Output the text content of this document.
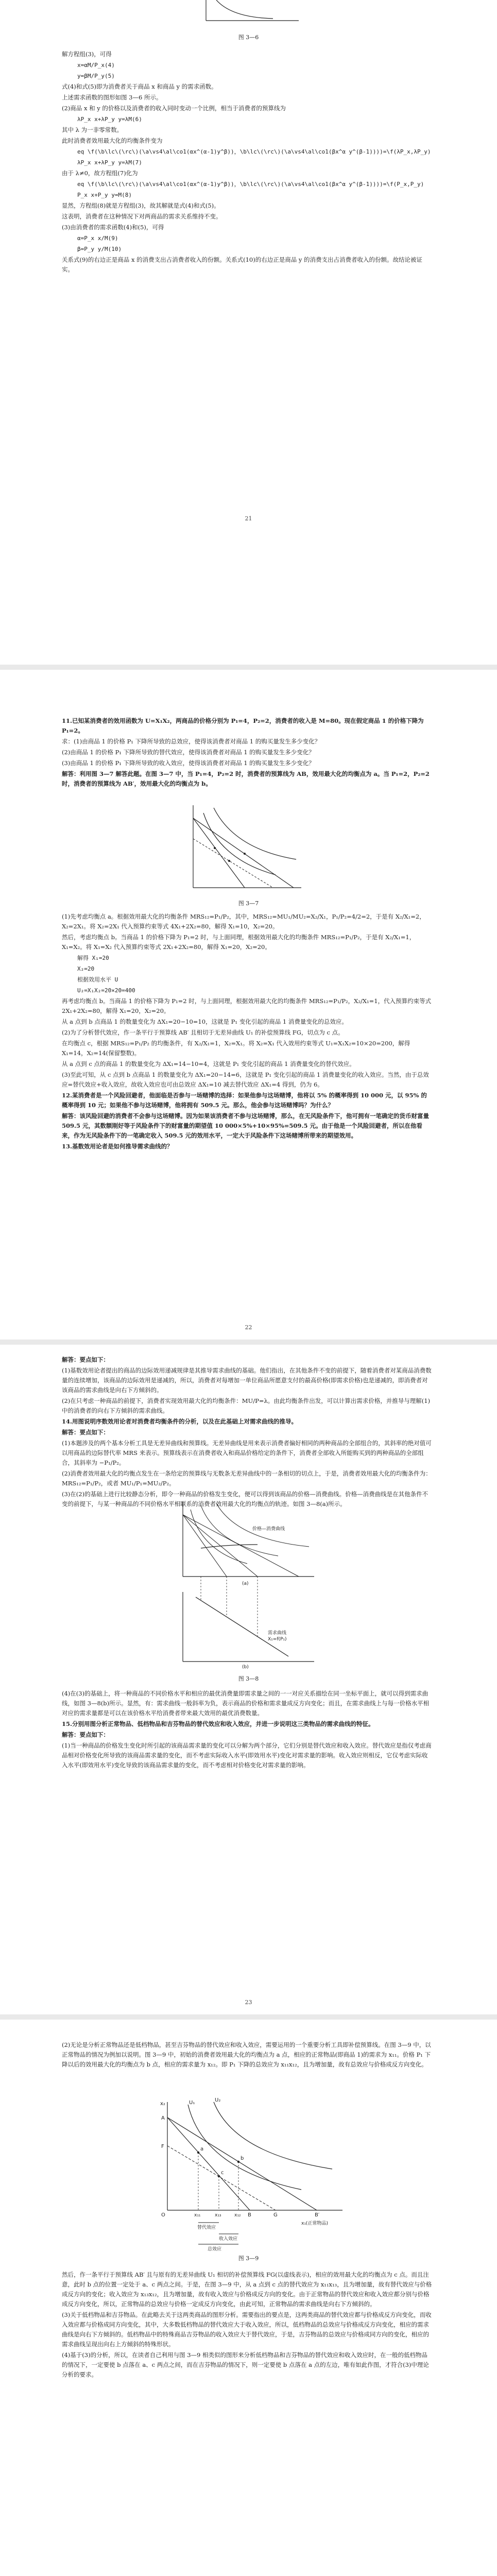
图 3—6

解方程组(3)，可得

x=αM/P_x(4)

y=βM/P_y(5)

式(4)和式(5)即为消费者关于商品 x 和商品 y 的需求函数。

上述需求函数的图形如图 3—6 所示。

(2)商品 x 和 y 的价格以及消费者的收入同时变动一个比例，相当于消费者的预算线为

λP_x x+λP_y y=λM(6)

其中 λ 为一非零常数。

此时消费者效用最大化的均衡条件变为

eq \f(\b\lc\(\rc\)(\a\vs4\al\co1(αx^(α-1)y^β))，\b\lc\(\rc\)(\a\vs4\al\co1(βx^α y^(β-1))))=\f(λP_x,λP_y)

λP_x x+λP_y y=λM(7)

由于 λ≠0，故方程组(7)化为

eq \f(\b\lc\(\rc\)(\a\vs4\al\co1(αx^(α-1)y^β))，\b\lc\(\rc\)(\a\vs4\al\co1(βx^α y^(β-1))))=\f(P_x,P_y)

P_x x+P_y y=M(8)

显然，方程组(8)就是方程组(3)，故其解就是式(4)和式(5)。

这表明，消费者在这种情况下对两商品的需求关系维持不变。

(3)由消费者的需求函数(4)和(5)，可得

α=P_x x/M(9)

β=P_y y/M(10)

关系式(9)的右边正是商品 x 的消费支出占消费者收入的份额。关系式(10)的右边正是商品 y 的消费支出占消费者收入的份额。故结论被证实。

21

11.已知某消费者的效用函数为 U=X₁X₂，两商品的价格分别为 P₁=4，P₂=2，消费者的收入是 M=80。现在假定商品 1 的价格下降为 P₁=2。

求：(1)由商品 1 的价格 P₁ 下降所导致的总效应，使得该消费者对商品 1 的购买量发生多少变化？

(2)由商品 1 的价格 P₁ 下降所导致的替代效应，使得该消费者对商品 1 的购买量发生多少变化？

(3)由商品 1 的价格 P₁ 下降所导致的收入效应，使得该消费者对商品 1 的购买量发生多少变化？

解答：利用图 3—7 解答此题。在图 3—7 中，当 P₁=4，P₂=2 时，消费者的预算线为 AB，效用最大化的均衡点为 a。当 P₁=2，P₂=2 时，消费者的预算线为 AB′，效用最大化的均衡点为 b。

图 3—7

(1)先考虑均衡点 a。根据效用最大化的均衡条件 MRS₁₂=P₁/P₂，其中，MRS₁₂=MU₁/MU₂=X₂/X₁，P₁/P₂=4/2=2，于是有 X₂/X₁=2，X₂=2X₁。将 X₂=2X₁ 代入预算约束等式 4X₁+2X₂=80，解得 X₁=10，X₂=20。

然后，考虑均衡点 b。当商品 1 的价格下降为 P₁=2 时，与上面同理，根据效用最大化的均衡条件 MRS₁₂=P₁/P₂，于是有 X₂/X₁=1，X₁=X₂。将 X₁=X₂ 代入预算约束等式 2X₁+2X₂=80，解得 X₁=20，X₂=20。

解得 X₁=20

X₂=20

根据效用水平 U

U₂=X₁X₂=20×20=400

再考虑均衡点 b。当商品 1 的价格下降为 P₁=2 时，与上面同理，根据效用最大化的均衡条件 MRS₁₂=P₁/P₂，X₂/X₁=1，代入预算约束等式 2X₁+2X₂=80，解得 X₁=20，X₂=20。

从 a 点到 b 点商品 1 的数量变化为 ΔX₁=20−10=10，这就是 P₁ 变化引起的商品 1 消费量变化的总效应。

(2)为了分析替代效应，作一条平行于预算线 AB′ 且相切于无差异曲线 U₁ 的补偿预算线 FG，切点为 c 点。

在均衡点 c，根据 MRS₁₂=P₁/P₂ 的均衡条件，有 X₂/X₁=1，X₂=X₁。将 X₂=X₁ 代入效用约束等式 U₁=X₁X₂=10×20=200，解得 X₁=14，X₂=14(保留整数)。

从 a 点到 c 点的商品 1 的数量变化为 ΔX₁=14−10=4，这就是 P₁ 变化引起的商品 1 消费量变化的替代效应。

(3)至此可知，从 c 点到 b 点商品 1 的数量变化为 ΔX₁=20−14=6，这就是 P₁ 变化引起的商品 1 消费量变化的收入效应。当然，由于总效应=替代效应+收入效应，故收入效应也可由总效应 ΔX₁=10 减去替代效应 ΔX₁=4 得到，仍为 6。

12.某消费者是一个风险回避者，他面临是否参与一场赌博的选择：如果他参与这场赌博，他将以 5% 的概率得到 10 000 元，以 95% 的概率得到 10 元；如果他不参与这场赌博，他将拥有 509.5 元。那么，他会参与这场赌博吗？为什么？

解答：该风险回避的消费者不会参与这场赌博。因为如果该消费者不参与这场赌博，那么，在无风险条件下，他可拥有一笔确定的货币财富量 509.5 元，其数额刚好等于风险条件下的财富量的期望值 10 000×5%+10×95%=509.5 元。由于他是一个风险回避者，所以在他看来，作为无风险条件下的一笔确定收入 509.5 元的效用水平，一定大于风险条件下这场赌博所带来的期望效用。

13.基数效用论者是如何推导需求曲线的？

22

解答：要点如下：

(1)基数效用论者提出的商品的边际效用递减规律是其推导需求曲线的基础。他们指出，在其他条件不变的前提下，随着消费者对某商品消费数量的连续增加，该商品的边际效用是递减的，所以，消费者对每增加一单位商品所愿意支付的最高价格(即需求价格)也是递减的，即消费者对该商品的需求曲线是向右下方倾斜的。

(2)在只考虑一种商品的前提下，消费者实现效用最大化的均衡条件：MU/P=λ。由此均衡条件出发，可以计算出需求价格，并推导与理解(1)中的消费者的向右下方倾斜的需求曲线。

14.用图说明序数效用论者对消费者均衡条件的分析，以及在此基础上对需求曲线的推导。

解答：要点如下：

(1)本题涉及的两个基本分析工具是无差异曲线和预算线。无差异曲线是用来表示消费者偏好相同的两种商品的全部组合的，其斜率的绝对值可以用商品的边际替代率 MRS 来表示。预算线表示在消费者收入和商品价格给定的条件下，消费者全部收入所能购买到的两种商品的全部组合，其斜率为 −P₁/P₂。

(2)消费者效用最大化的均衡点发生在一条给定的预算线与无数条无差异曲线中的一条相切的切点上，于是，消费者效用最大化的均衡条件为：MRS₁₂=P₁/P₂，或者 MU₁/P₁=MU₂/P₂。

(3)在(2)的基础上进行比较静态分析，即令一种商品的价格发生变化，便可以得到该商品的价格—消费曲线。价格—消费曲线是在其他条件不变的前提下，与某一种商品的不同价格水平相联系的消费者效用最大化的均衡点的轨迹。如图 3—8(a)所示。

价格—消费曲线
(a)
需求曲线
X₁=f(P₁)
(b)
图 3—8

(4)在(3)的基础上，将一种商品的不同价格水平和相应的最优消费量即需求量之间的一一对应关系描绘在同一坐标平面上，就可以得到需求曲线，如图 3—8(b)所示。显然，有：需求曲线一般斜率为负，表示商品的价格和需求量成反方向变化；而且，在需求曲线上与每一价格水平相对应的需求量都是可以在该价格水平给消费者带来最大效用的最优消费数量。

15.分别用图分析正常物品、低档物品和吉芬物品的替代效应和收入效应，并进一步说明这三类物品的需求曲线的特征。

解答：要点如下：

(1)当一种商品的价格发生变化时所引起的该商品需求量的变化可以分解为两个部分，它们分别是替代效应和收入效应。替代效应是指仅考虑商品相对价格变化所导致的该商品需求量的变化，而不考虑实际收入水平(即效用水平)变化对需求量的影响。收入效应则相反，它仅考虑实际收入水平(即效用水平)变化导致的该商品需求量的变化，而不考虑相对价格变化对需求量的影响。

23

(2)无论是分析正常物品还是低档物品，甚至吉芬物品的替代效应和收入效应，需要运用的一个重要分析工具即补偿预算线。在图 3—9 中，以正常物品的情况为例加以说明。图 3—9 中，初始的消费者效用最大化的均衡点为 a 点，相应的正常物品(即商品 1)的需求为 x₁₁。价格 P₁ 下降以后的效用最大化的均衡点为 b 点，相应的需求量为 x₁₂。即 P₁ 下降的总效应为 x₁₁x₁₂，且为增加量，故有总效应与价格成反方向变化。

x₂
O
U₁	U₂
A
F
B	G	B′
a
b
c
x₁₁	x₁₃	x₁₂
x₁(正常物品)
替代效应
收入效应
总效应
图 3—9

然后，作一条平行于预算线 AB′ 且与原有的无差异曲线 U₁ 相切的补偿预算线 FG(以虚线表示)，相应的效用最大化的均衡点为 c 点。而且注意，此时 b 点的位置一定处于 a、c 两点之间。于是，在图 3—9 中，从 a 点到 c 点的替代效应为 x₁₁x₁₃，且为增加量，故有替代效应与价格成反方向的变化；收入效应为 x₁₃x₁₂，且为增加量，故有收入效应与价格成反方向的变化。由于正常物品的替代效应和收入效应都分别与价格成反方向变化，所以，正常物品的总效应与价格一定成反方向变化，由此可知，正常物品的需求曲线是向右下方倾斜的。

(3)关于低档物品和吉芬物品。在此略去关于这两类商品的图形分析。需要指出的要点是，这两类商品的替代效应都与价格成反方向变化，而收入效应都与价格成同方向变化，其中，大多数低档物品的替代效应大于收入效应，所以，低档物品的总效应与价格成反方向变化，相应的需求曲线是向右下方倾斜的。低档物品中的特殊商品吉芬物品的收入效应大于替代效应，于是，吉芬物品的总效应与价格成同方向的变化，相应的需求曲线呈现出向右上方倾斜的特殊形状。

(4)基于(3)的分析，所以，在读者自己利用与图 3—9 相类似的图形来分析低档物品和吉芬物品的替代效应和收入效应时，在一般的低档物品的情况下，一定要使 b 点落在 a、c 两点之间，而在吉芬物品的情况下，则一定要使 b 点落在 a 点的左边，唯有如此作图，才符合(3)中理论分析的要求。
